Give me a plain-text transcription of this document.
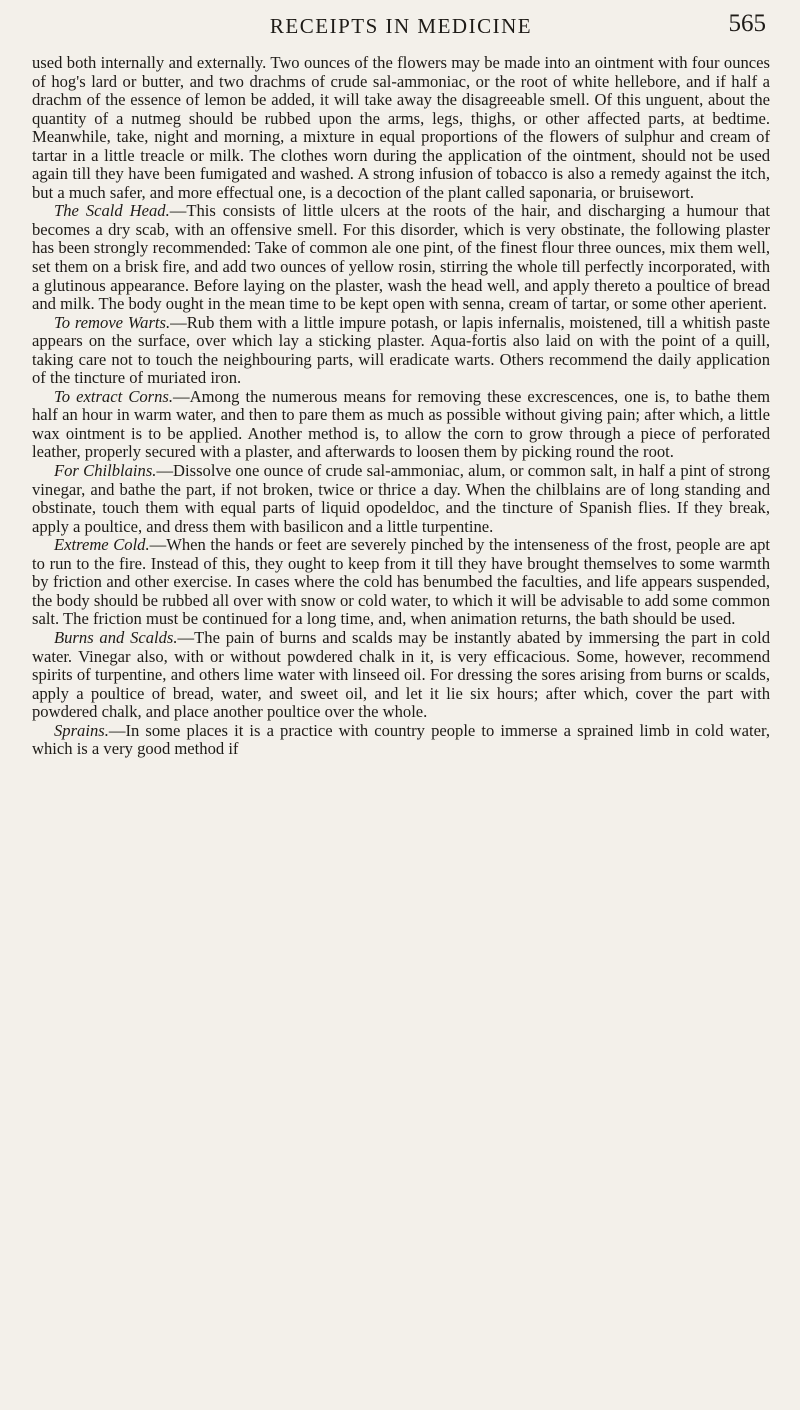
RECEIPTS IN MEDICINE	565

used both internally and externally. Two ounces of the flowers may be made into an ointment with four ounces of hog's lard or butter, and two drachms of crude sal-ammoniac, or the root of white hellebore, and if half a drachm of the essence of lemon be added, it will take away the disagreeable smell. Of this unguent, about the quantity of a nutmeg should be rubbed upon the arms, legs, thighs, or other affected parts, at bedtime. Meanwhile, take, night and morning, a mixture in equal proportions of the flowers of sulphur and cream of tartar in a little treacle or milk. The clothes worn during the application of the ointment, should not be used again till they have been fumigated and washed. A strong infusion of tobacco is also a remedy against the itch, but a much safer, and more effectual one, is a decoction of the plant called saponaria, or bruisewort.

The Scald Head.—This consists of little ulcers at the roots of the hair, and discharging a humour that becomes a dry scab, with an offensive smell. For this disorder, which is very obstinate, the following plaster has been strongly recommended: Take of common ale one pint, of the finest flour three ounces, mix them well, set them on a brisk fire, and add two ounces of yellow rosin, stirring the whole till perfectly incorporated, with a glutinous appearance. Before laying on the plaster, wash the head well, and apply thereto a poultice of bread and milk. The body ought in the mean time to be kept open with senna, cream of tartar, or some other aperient.

To remove Warts.—Rub them with a little impure potash, or lapis infernalis, moistened, till a whitish paste appears on the surface, over which lay a sticking plaster. Aqua-fortis also laid on with the point of a quill, taking care not to touch the neighbouring parts, will eradicate warts. Others recommend the daily application of the tincture of muriated iron.

To extract Corns.—Among the numerous means for removing these excrescences, one is, to bathe them half an hour in warm water, and then to pare them as much as possible without giving pain; after which, a little wax ointment is to be applied. Another method is, to allow the corn to grow through a piece of perforated leather, properly secured with a plaster, and afterwards to loosen them by picking round the root.

For Chilblains.—Dissolve one ounce of crude sal-ammoniac, alum, or common salt, in half a pint of strong vinegar, and bathe the part, if not broken, twice or thrice a day. When the chilblains are of long standing and obstinate, touch them with equal parts of liquid opodeldoc, and the tincture of Spanish flies. If they break, apply a poultice, and dress them with basilicon and a little turpentine.

Extreme Cold.—When the hands or feet are severely pinched by the intenseness of the frost, people are apt to run to the fire. Instead of this, they ought to keep from it till they have brought themselves to some warmth by friction and other exercise. In cases where the cold has benumbed the faculties, and life appears suspended, the body should be rubbed all over with snow or cold water, to which it will be advisable to add some common salt. The friction must be continued for a long time, and, when animation returns, the bath should be used.

Burns and Scalds.—The pain of burns and scalds may be instantly abated by immersing the part in cold water. Vinegar also, with or without powdered chalk in it, is very efficacious. Some, however, recommend spirits of turpentine, and others lime water with linseed oil. For dressing the sores arising from burns or scalds, apply a poultice of bread, water, and sweet oil, and let it lie six hours; after which, cover the part with powdered chalk, and place another poultice over the whole.

Sprains.—In some places it is a practice with country people to immerse a sprained limb in cold water, which is a very good method if
